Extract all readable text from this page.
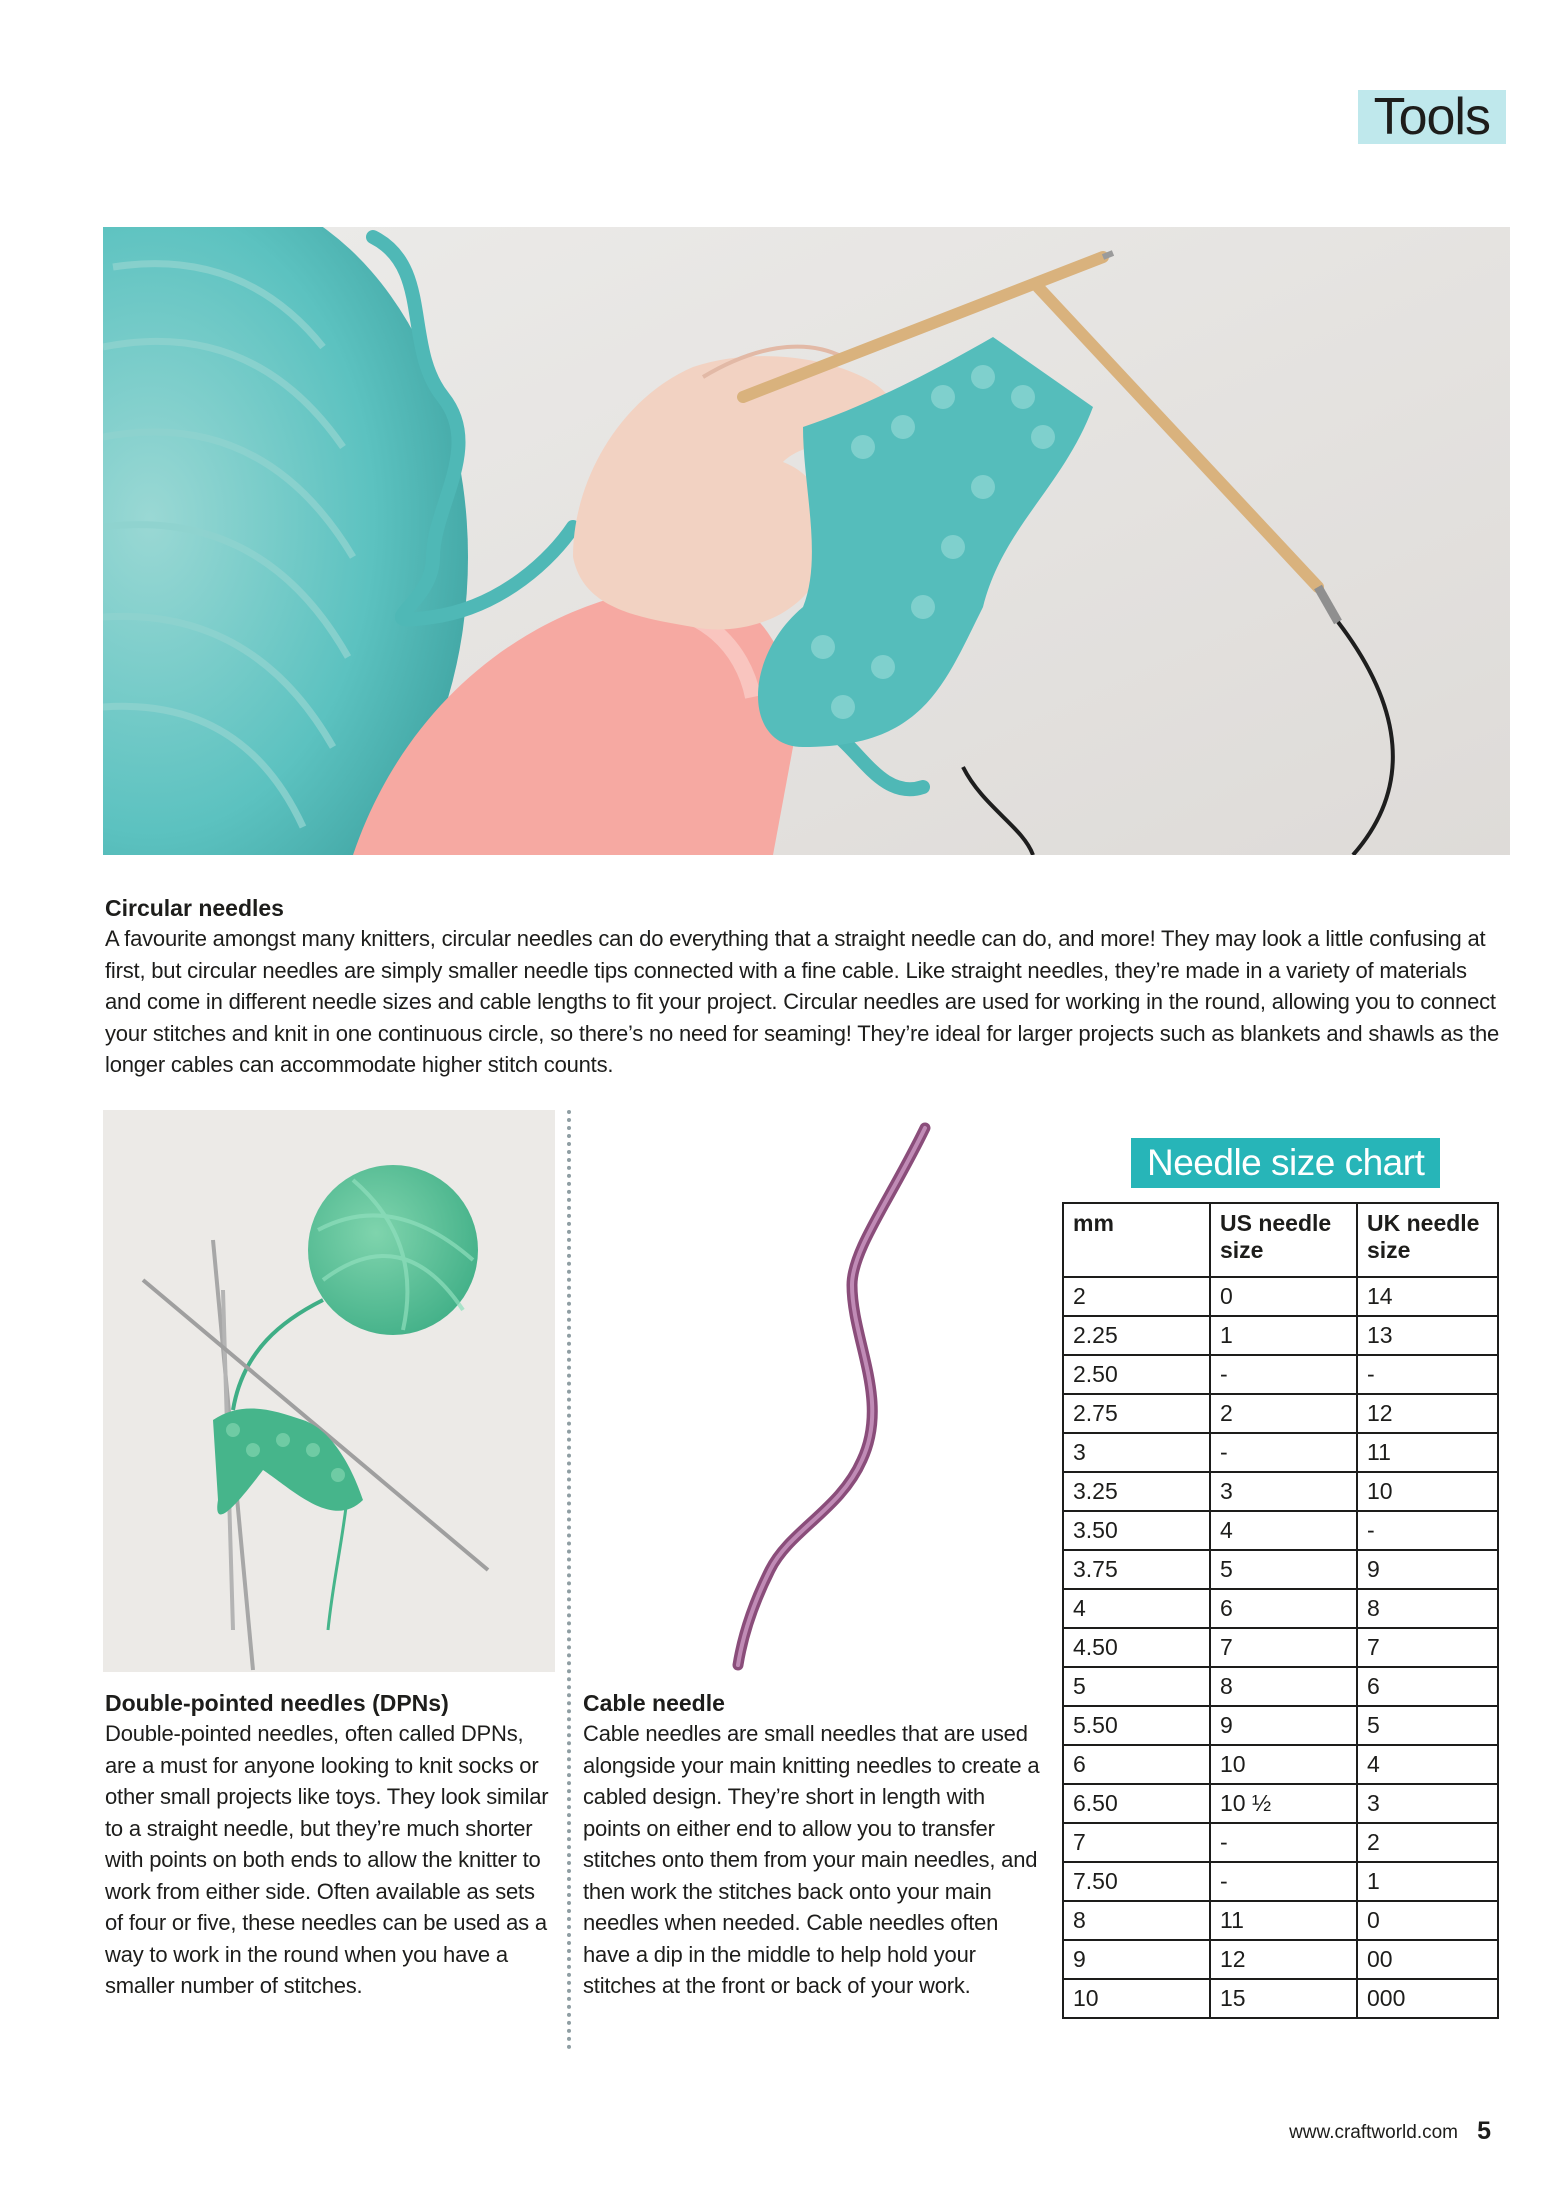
Tools

Circular needles

A favourite amongst many knitters, circular needles can do everything that a straight needle can do, and more! They may look a little confusing at first, but circular needles are simply smaller needle tips connected with a fine cable. Like straight needles, they’re made in a variety of materials and come in different needle sizes and cable lengths to fit your project. Circular needles are used for working in the round, allowing you to connect your stitches and knit in one continuous circle, so there’s no need for seaming! They’re ideal for larger projects such as blankets and shawls as the longer cables can accommodate higher stitch counts.

Double-pointed needles (DPNs)

Double-pointed needles, often called DPNs, are a must for anyone looking to knit socks or other small projects like toys. They look similar to a straight needle, but they’re much shorter with points on both ends to allow the knitter to work from either side. Often available as sets of four or five, these needles can be used as a way to work in the round when you have a smaller number of stitches.

Cable needle

Cable needles are small needles that are used alongside your main knitting needles to create a cabled design. They’re short in length with points on either end to allow you to transfer stitches onto them from your main needles, and then work the stitches back onto your main needles when needed. Cable needles often have a dip in the middle to help hold your stitches at the front or back of your work.

Needle size chart
mm	US needle size	UK needle size
2	0	14
2.25	1	13
2.50	-	-
2.75	2	12
3	-	11
3.25	3	10
3.50	4	-
3.75	5	9
4	6	8
4.50	7	7
5	8	6
5.50	9	5
6	10	4
6.50	10 ½	3
7	-	2
7.50	-	1
8	11	0
9	12	00
10	15	000
www.craftworld.com 5
